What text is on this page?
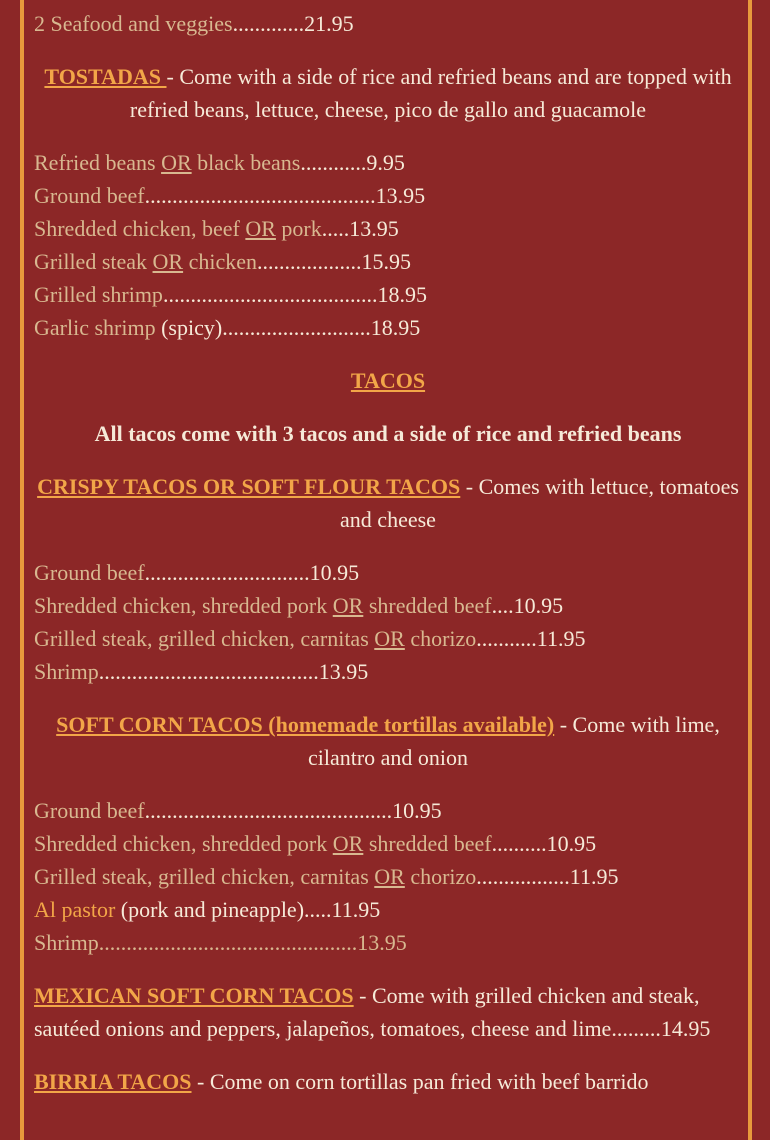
2 Seafood and veggies.............21.95

TOSTADAS - Come with a side of rice and refried beans and are topped with refried beans, lettuce, cheese, pico de gallo and guacamole

Refried beans OR black beans............9.95

Ground beef..........................................13.95

Shredded chicken, beef OR pork.....13.95

Grilled steak OR chicken...................15.95

Grilled shrimp.......................................18.95

Garlic shrimp (spicy)...........................18.95

TACOS

All tacos come with 3 tacos and a side of rice and refried beans

CRISPY TACOS OR SOFT FLOUR TACOS - Comes with lettuce, tomatoes and cheese

Ground beef..............................10.95

Shredded chicken, shredded pork OR shredded beef....10.95

Grilled steak, grilled chicken, carnitas OR chorizo...........11.95

Shrimp........................................13.95

SOFT CORN TACOS (homemade tortillas available) - Come with lime, cilantro and onion

Ground beef.............................................10.95

Shredded chicken, shredded pork OR shredded beef..........10.95

Grilled steak, grilled chicken, carnitas OR chorizo.................11.95

Al pastor (pork and pineapple).....11.95

Shrimp...............................................13.95

MEXICAN SOFT CORN TACOS - Come with grilled chicken and steak, sautéed onions and peppers, jalapeños, tomatoes, cheese and lime.........14.95

BIRRIA TACOS - Come on corn tortillas pan fried with beef barrido
